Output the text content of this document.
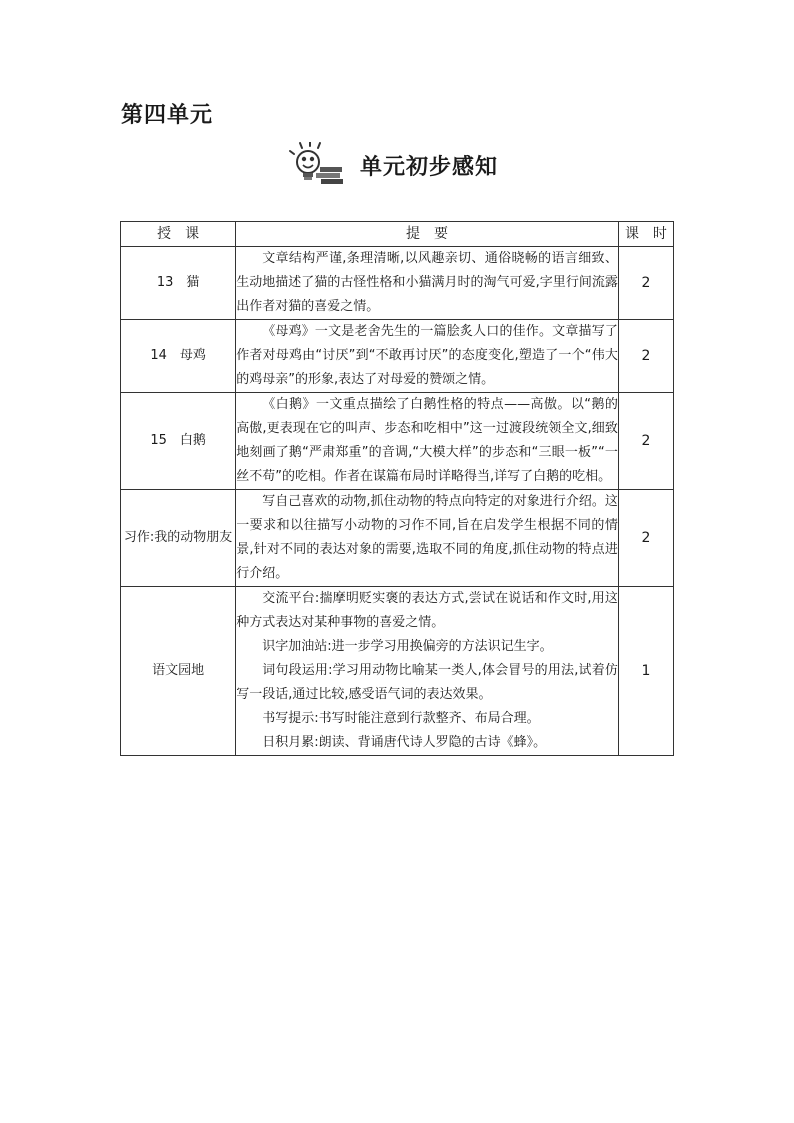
第四单元
单元初步感知
授　课	提　要	课　时
13　猫	文章结构严谨,条理清晰,以风趣亲切、通俗晓畅的语言细致、生动地描述了猫的古怪性格和小猫满月时的淘气可爱,字里行间流露出作者对猫的喜爱之情。	2
14　母鸡	《母鸡》一文是老舍先生的一篇脍炙人口的佳作。文章描写了作者对母鸡由“讨厌”到“不敢再讨厌”的态度变化,塑造了一个“伟大的鸡母亲”的形象,表达了对母爱的赞颂之情。	2
15　白鹅	《白鹅》一文重点描绘了白鹅性格的特点——高傲。以“鹅的高傲,更表现在它的叫声、步态和吃相中”这一过渡段统领全文,细致地刻画了鹅“严肃郑重”的音调,“大模大样”的步态和“三眼一板”“一丝不苟”的吃相。作者在谋篇布局时详略得当,详写了白鹅的吃相。	2
习作:我的动物朋友	写自己喜欢的动物,抓住动物的特点向特定的对象进行介绍。这一要求和以往描写小动物的习作不同,旨在启发学生根据不同的情景,针对不同的表达对象的需要,选取不同的角度,抓住动物的特点进行介绍。	2
语文园地	交流平台:揣摩明贬实褒的表达方式,尝试在说话和作文时,用这种方式表达对某种事物的喜爱之情。

识字加油站:进一步学习用换偏旁的方法识记生字。

词句段运用:学习用动物比喻某一类人,体会冒号的用法,试着仿写一段话,通过比较,感受语气词的表达效果。

书写提示:书写时能注意到行款整齐、布局合理。

日积月累:朗读、背诵唐代诗人罗隐的古诗《蜂》。	1
